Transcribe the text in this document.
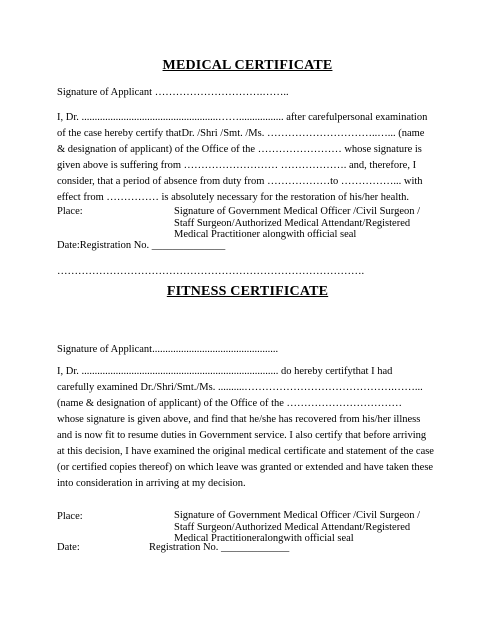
MEDICAL CERTIFICATE
Signature of Applicant ………………………….……..

I, Dr. ....................................................……................. after carefulpersonal examination

of the case hereby certify thatDr. /Shri /Smt. /Ms. …………………………..…... (name

& designation of applicant) of the Office of the …………………… whose signature is

given above is suffering from ……………………… ………………. and, therefore, I

consider, that a period of absence from duty from ………………to ……………... with

effect from …………… is absolutely necessary for the restoration of his/her health.

Place:	Signature of Government Medical Officer /Civil Surgeon /
Staff Surgeon/Authorized Medical Attendant/Registered
Medical Practitioner alongwith official seal
Date:Registration No. ______________
…………………………………………………………………………….
FITNESS CERTIFICATE
Signature of Applicant................................................

I, Dr. ........................................................................... do hereby certifythat I had

carefully examined Dr./Shri/Smt./Ms. ..........…………………………………….……...

(name & designation of applicant) of the Office of the ……………………………

whose signature is given above, and find that he/she has recovered from his/her illness

and is now fit to resume duties in Government service. I also certify that before arriving

at this decision, I have examined the original medical certificate and statement of the case

(or certified copies thereof) on which leave was granted or extended and have taken these

into consideration in arriving at my decision.

Place:	Signature of Government Medical Officer /Civil Surgeon /
Staff Surgeon/Authorized Medical Attendant/Registered
Medical Practitioneralongwith official seal
Date:	Registration No. _____________
